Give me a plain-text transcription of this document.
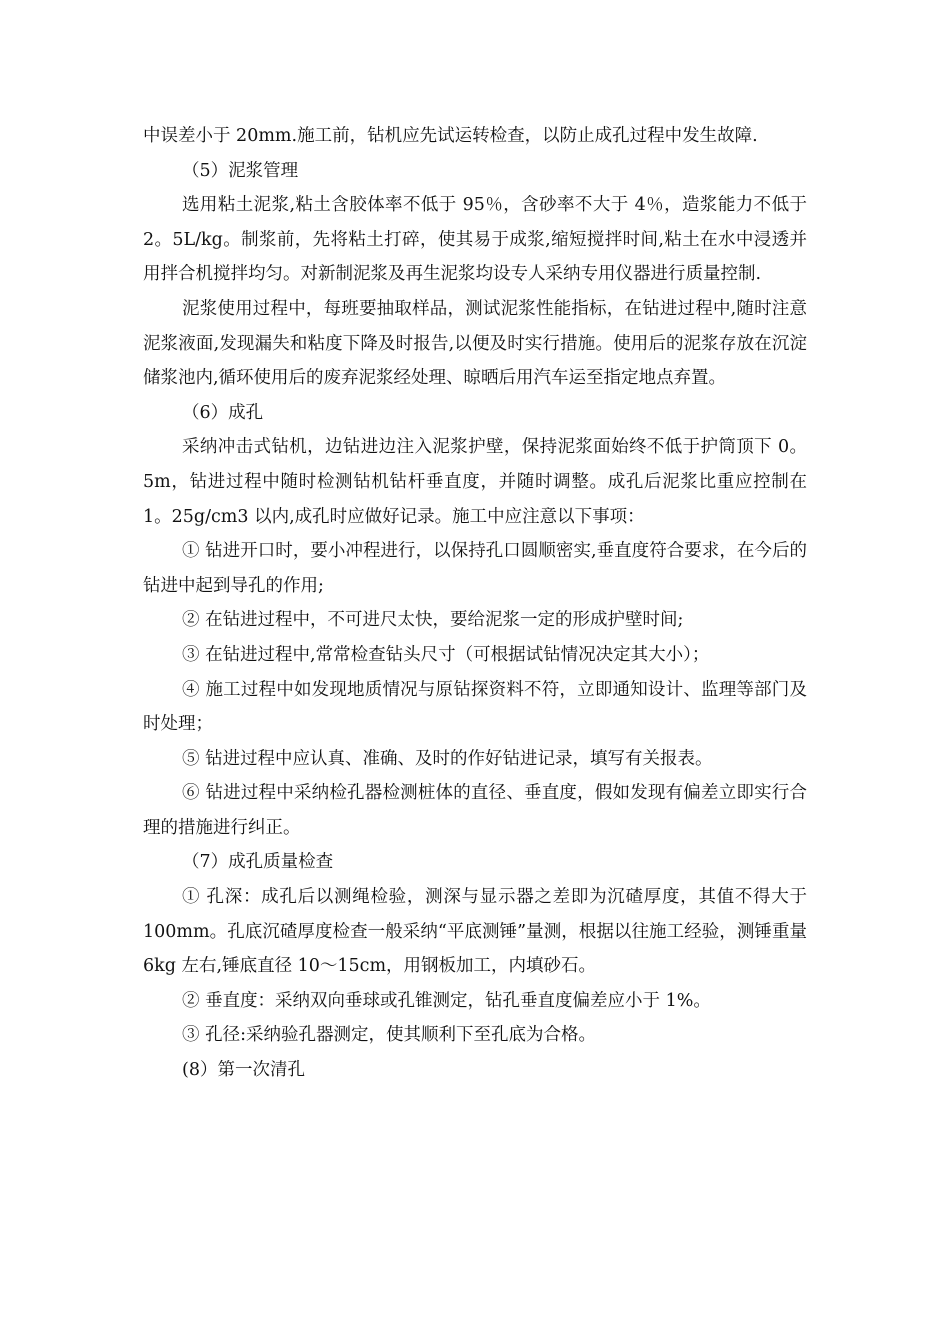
中误差小于 20mm.施工前，钻机应先试运转检查，以防止成孔过程中发生故障.

（5）泥浆管理

选用粘土泥浆,粘土含胶体率不低于 95％，含砂率不大于 4％，造浆能力不低于 2。5L/kg。制浆前，先将粘土打碎，使其易于成浆,缩短搅拌时间,粘土在水中浸透并用拌合机搅拌均匀。对新制泥浆及再生泥浆均设专人采纳专用仪器进行质量控制.

泥浆使用过程中，每班要抽取样品，测试泥浆性能指标，在钻进过程中,随时注意泥浆液面,发现漏失和粘度下降及时报告,以便及时实行措施。使用后的泥浆存放在沉淀储浆池内,循环使用后的废弃泥浆经处理、晾晒后用汽车运至指定地点弃置。

（6）成孔

采纳冲击式钻机，边钻进边注入泥浆护壁，保持泥浆面始终不低于护筒顶下 0。5m，钻进过程中随时检测钻机钻杆垂直度，并随时调整。成孔后泥浆比重应控制在 1。25g/cm3 以内,成孔时应做好记录。施工中应注意以下事项：

① 钻进开口时，要小冲程进行，以保持孔口圆顺密实,垂直度符合要求，在今后的钻进中起到导孔的作用;

② 在钻进过程中，不可进尺太快，要给泥浆一定的形成护壁时间;

③ 在钻进过程中,常常检查钻头尺寸（可根据试钻情况决定其大小）；

④ 施工过程中如发现地质情况与原钻探资料不符，立即通知设计、监理等部门及时处理；

⑤ 钻进过程中应认真、准确、及时的作好钻进记录，填写有关报表。

⑥ 钻进过程中采纳检孔器检测桩体的直径、垂直度，假如发现有偏差立即实行合理的措施进行纠正。

（7）成孔质量检查

① 孔深：成孔后以测绳检验，测深与显示器之差即为沉碴厚度，其值不得大于 100mm。孔底沉碴厚度检查一般采纳“平底测锤”量测，根据以往施工经验，测锤重量 6kg 左右,锤底直径 10～15cm，用钢板加工，内填砂石。

② 垂直度：采纳双向垂球或孔锥测定，钻孔垂直度偏差应小于 1%。

③ 孔径:采纳验孔器测定，使其顺利下至孔底为合格。

(8）第一次清孔
